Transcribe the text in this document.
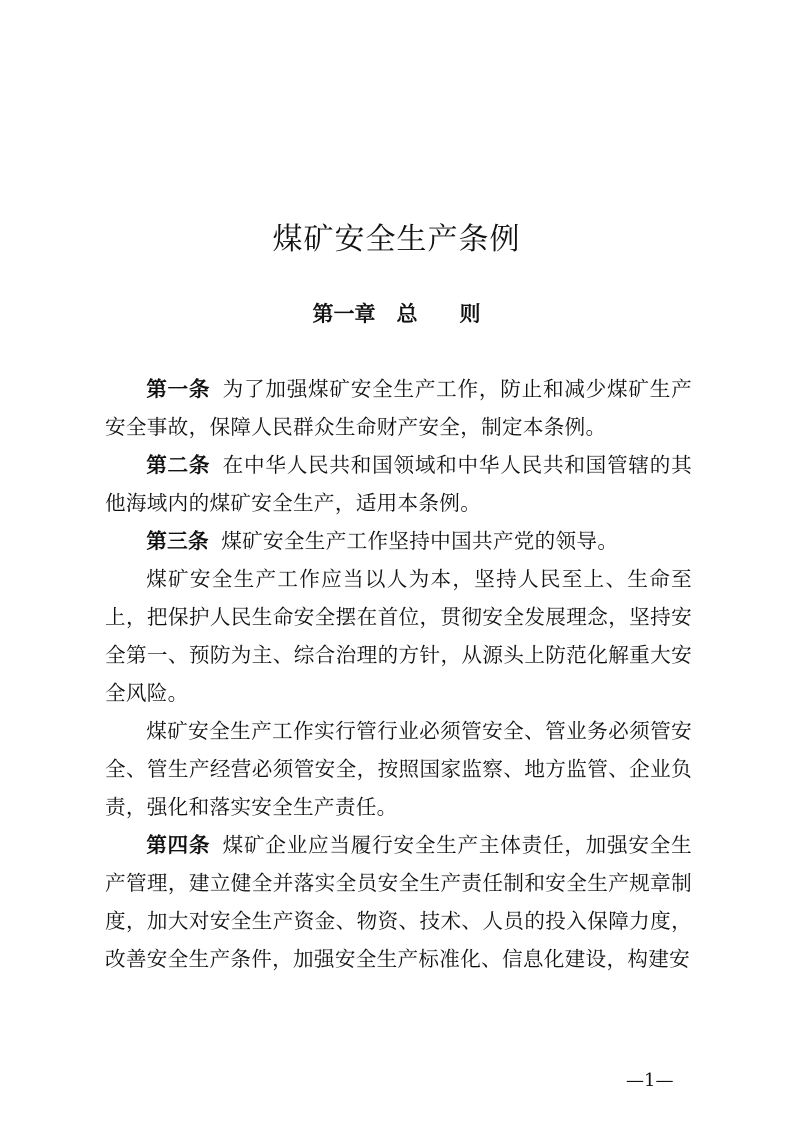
煤矿安全生产条例
第一章　总　　则

第一条 为了加强煤矿安全生产工作，防止和减少煤矿生产安全事故，保障人民群众生命财产安全，制定本条例。

第二条 在中华人民共和国领域和中华人民共和国管辖的其他海域内的煤矿安全生产，适用本条例。

第三条 煤矿安全生产工作坚持中国共产党的领导。

煤矿安全生产工作应当以人为本，坚持人民至上、生命至上，把保护人民生命安全摆在首位，贯彻安全发展理念，坚持安全第一、预防为主、综合治理的方针，从源头上防范化解重大安全风险。

煤矿安全生产工作实行管行业必须管安全、管业务必须管安全、管生产经营必须管安全，按照国家监察、地方监管、企业负责，强化和落实安全生产责任。

第四条 煤矿企业应当履行安全生产主体责任，加强安全生产管理，建立健全并落实全员安全生产责任制和安全生产规章制度，加大对安全生产资金、物资、技术、人员的投入保障力度，改善安全生产条件，加强安全生产标准化、信息化建设，构建安

—1—
